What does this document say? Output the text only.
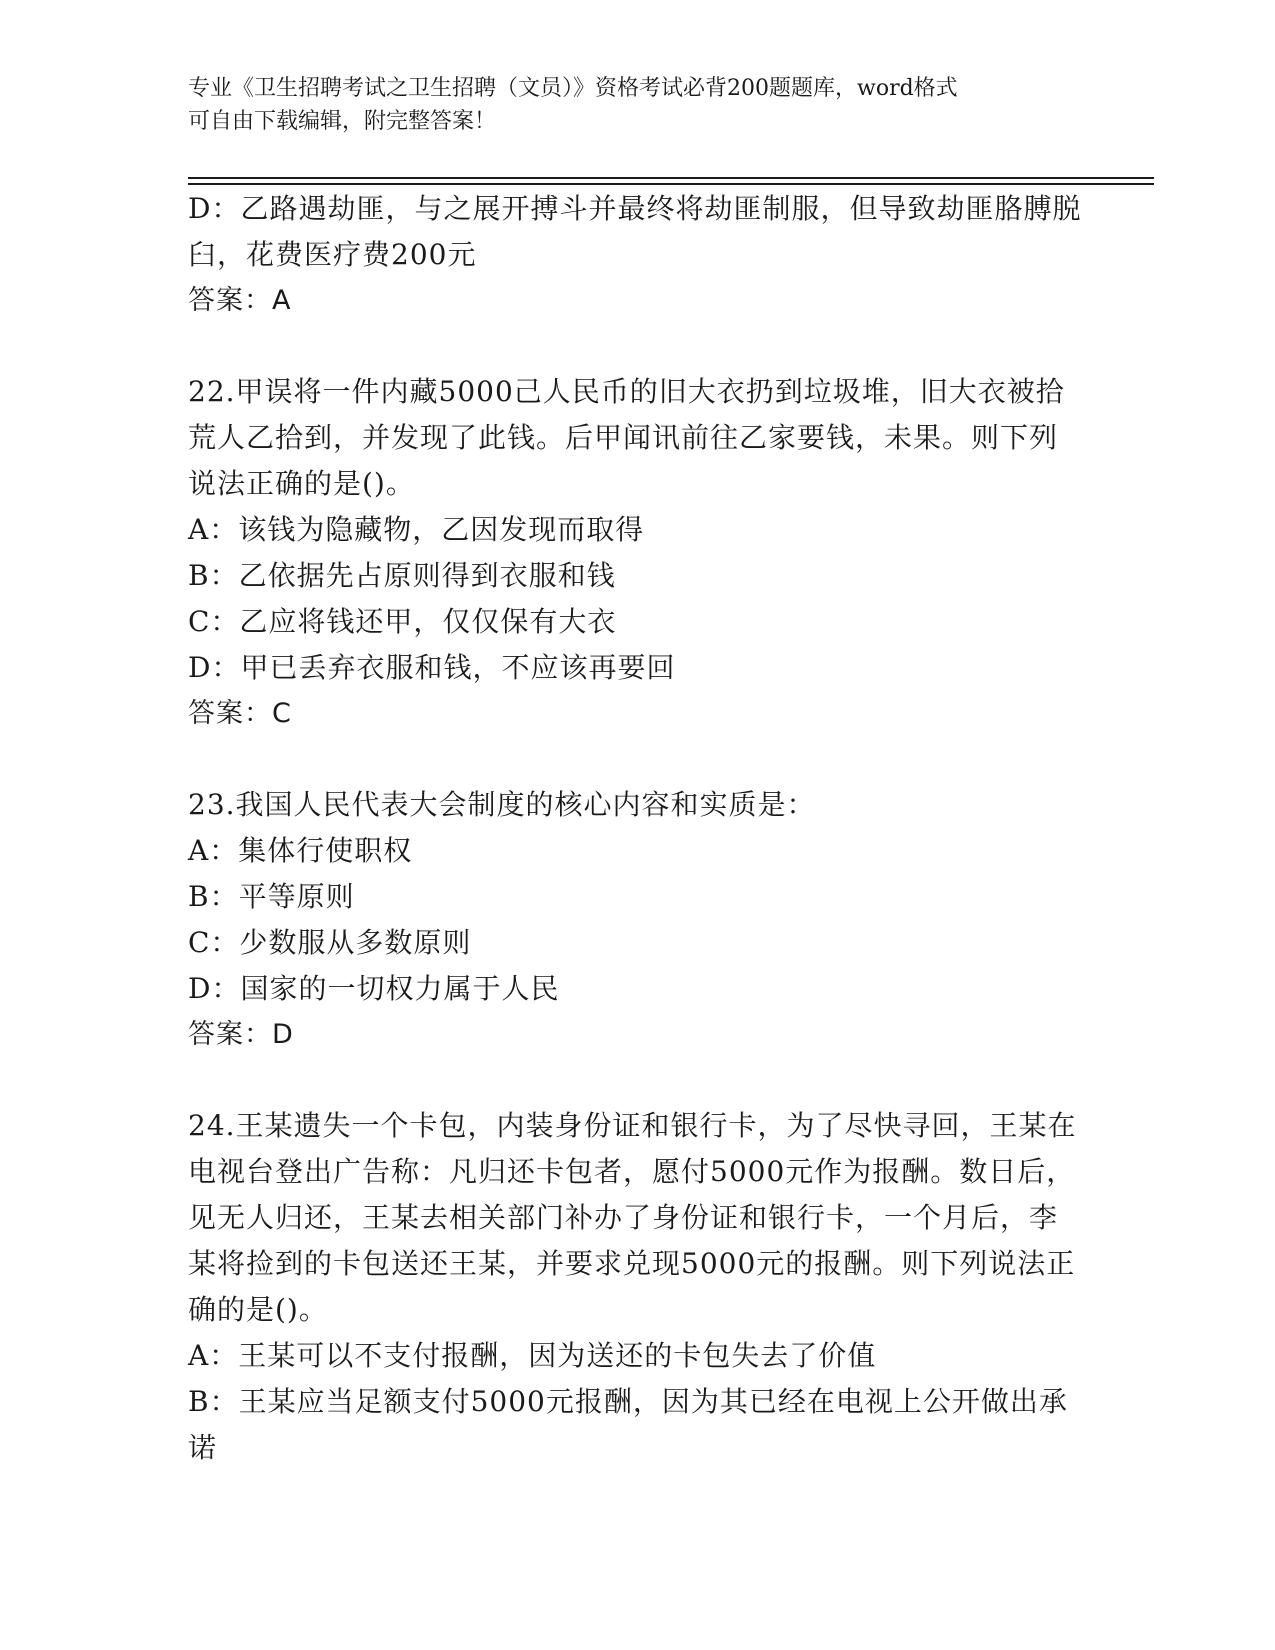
专业《卫生招聘考试之卫生招聘（文员）》资格考试必背200题题库，word格式
可自由下载编辑，附完整答案！
D：乙路遇劫匪，与之展开搏斗并最终将劫匪制服，但导致劫匪胳膊脱
臼，花费医疗费200元
答案：A
22.甲误将一件内藏5000己人民币的旧大衣扔到垃圾堆，旧大衣被拾
荒人乙拾到，并发现了此钱。后甲闻讯前往乙家要钱，未果。则下列
说法正确的是()。
A：该钱为隐藏物，乙因发现而取得
B：乙依据先占原则得到衣服和钱
C：乙应将钱还甲，仅仅保有大衣
D：甲已丢弃衣服和钱，不应该再要回
答案：C
23.我国人民代表大会制度的核心内容和实质是：
A：集体行使职权
B：平等原则
C：少数服从多数原则
D：国家的一切权力属于人民
答案：D
24.王某遗失一个卡包，内装身份证和银行卡，为了尽快寻回，王某在
电视台登出广告称：凡归还卡包者，愿付5000元作为报酬。数日后，
见无人归还，王某去相关部门补办了身份证和银行卡，一个月后，李
某将捡到的卡包送还王某，并要求兑现5000元的报酬。则下列说法正
确的是()。
A：王某可以不支付报酬，因为送还的卡包失去了价值
B：王某应当足额支付5000元报酬，因为其已经在电视上公开做出承
诺
